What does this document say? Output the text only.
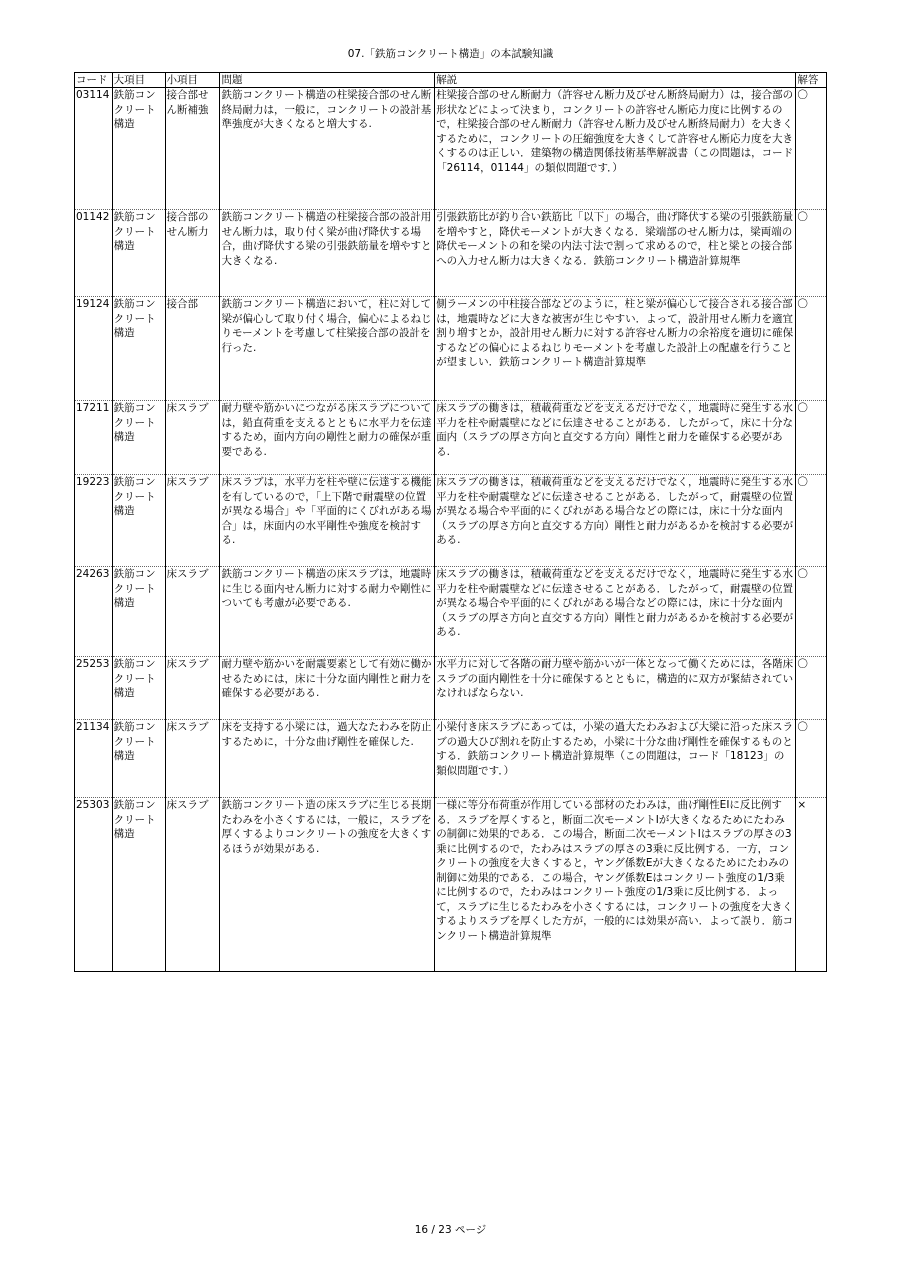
07.「鉄筋コンクリート構造」の本試験知識
コード	大項目	小項目	問題	解説	解答
03114	鉄筋コンクリート構造	接合部せん断補強	鉄筋コンクリート構造の柱梁接合部のせん断終局耐力は，一般に，コンクリートの設計基準強度が大きくなると増大する.	柱梁接合部のせん断耐力（許容せん断力及びせん断終局耐力）は，接合部の形状などによって決まり，コンクリートの許容せん断応力度に比例するので，柱梁接合部のせん断耐力（許容せん断力及びせん断終局耐力）を大きくするために，コンクリートの圧縮強度を大きくして許容せん断応力度を大きくするのは正しい．建築物の構造関係技術基準解説書（この問題は，コード「26114，01144」の類似問題です．）	〇
01142	鉄筋コンクリート構造	接合部のせん断力	鉄筋コンクリート構造の柱梁接合部の設計用せん断力は，取り付く梁が曲げ降伏する場合，曲げ降伏する梁の引張鉄筋量を増やすと大きくなる.	引張鉄筋比が釣り合い鉄筋比「以下」の場合，曲げ降伏する梁の引張鉄筋量を増やすと，降伏モーメントが大きくなる．梁端部のせん断力は，梁両端の降伏モーメントの和を梁の内法寸法で割って求めるので，柱と梁との接合部への入力せん断力は大きくなる．鉄筋コンクリート構造計算規準	〇
19124	鉄筋コンクリート構造	接合部	鉄筋コンクリート構造において，柱に対して梁が偏心して取り付く場合，偏心によるねじりモーメントを考慮して柱梁接合部の設計を行った.	側ラーメンの中柱接合部などのように，柱と梁が偏心して接合される接合部は，地震時などに大きな被害が生じやすい．よって，設計用せん断力を適宜割り増すとか，設計用せん断力に対する許容せん断力の余裕度を適切に確保するなどの偏心によるねじりモーメントを考慮した設計上の配慮を行うことが望ましい．鉄筋コンクリート構造計算規準	〇
17211	鉄筋コンクリート構造	床スラブ	耐力壁や筋かいにつながる床スラブについては，鉛直荷重を支えるとともに水平力を伝達するため，面内方向の剛性と耐力の確保が重要である.	床スラブの働きは，積載荷重などを支えるだけでなく，地震時に発生する水平力を柱や耐震壁になどに伝達させることがある．したがって，床に十分な面内（スラブの厚さ方向と直交する方向）剛性と耐力を確保する必要がある.	〇
19223	鉄筋コンクリート構造	床スラブ	床スラブは，水平力を柱や壁に伝達する機能を有しているので，「上下階で耐震壁の位置が異なる場合」や「平面的にくびれがある場合」は，床面内の水平剛性や強度を検討する.	床スラブの働きは，積載荷重などを支えるだけでなく，地震時に発生する水平力を柱や耐震壁などに伝達させることがある．したがって，耐震壁の位置が異なる場合や平面的にくびれがある場合などの際には，床に十分な面内（スラブの厚さ方向と直交する方向）剛性と耐力があるかを検討する必要がある.	〇
24263	鉄筋コンクリート構造	床スラブ	鉄筋コンクリート構造の床スラブは，地震時に生じる面内せん断力に対する耐力や剛性についても考慮が必要である.	床スラブの働きは，積載荷重などを支えるだけでなく，地震時に発生する水平力を柱や耐震壁などに伝達させることがある．したがって，耐震壁の位置が異なる場合や平面的にくびれがある場合などの際には，床に十分な面内（スラブの厚さ方向と直交する方向）剛性と耐力があるかを検討する必要がある.	〇
25253	鉄筋コンクリート構造	床スラブ	耐力壁や筋かいを耐震要素として有効に働かせるためには，床に十分な面内剛性と耐力を確保する必要がある.	水平力に対して各階の耐力壁や筋かいが一体となって働くためには，各階床スラブの面内剛性を十分に確保するとともに，構造的に双方が緊結されていなければならない.	〇
21134	鉄筋コンクリート構造	床スラブ	床を支持する小梁には，過大なたわみを防止するために，十分な曲げ剛性を確保した.	小梁付き床スラブにあっては，小梁の過大たわみおよび大梁に沿った床スラブの過大ひび割れを防止するため，小梁に十分な曲げ剛性を確保するものとする．鉄筋コンクリート構造計算規準（この問題は，コード「18123」の類似問題です．）	〇
25303	鉄筋コンクリート構造	床スラブ	鉄筋コンクリート造の床スラブに生じる長期たわみを小さくするには，一般に，スラブを厚くするよりコンクリートの強度を大きくするほうが効果がある.	一様に等分布荷重が作用している部材のたわみは，曲げ剛性EIに反比例する．スラブを厚くすると，断面二次モーメントIが大きくなるためにたわみの制御に効果的である．この場合，断面二次モーメントIはスラブの厚さの3乗に比例するので，たわみはスラブの厚さの3乗に反比例する．一方，コンクリートの強度を大きくすると，ヤング係数Eが大きくなるためにたわみの制御に効果的である．この場合，ヤング係数Eはコンクリート強度の1/3乗に比例するので，たわみはコンクリート強度の1/3乗に反比例する．よって，スラブに生じるたわみを小さくするには，コンクリートの強度を大きくするよりスラブを厚くした方が，一般的には効果が高い．よって誤り．筋コンクリート構造計算規準	×
16 / 23 ページ
